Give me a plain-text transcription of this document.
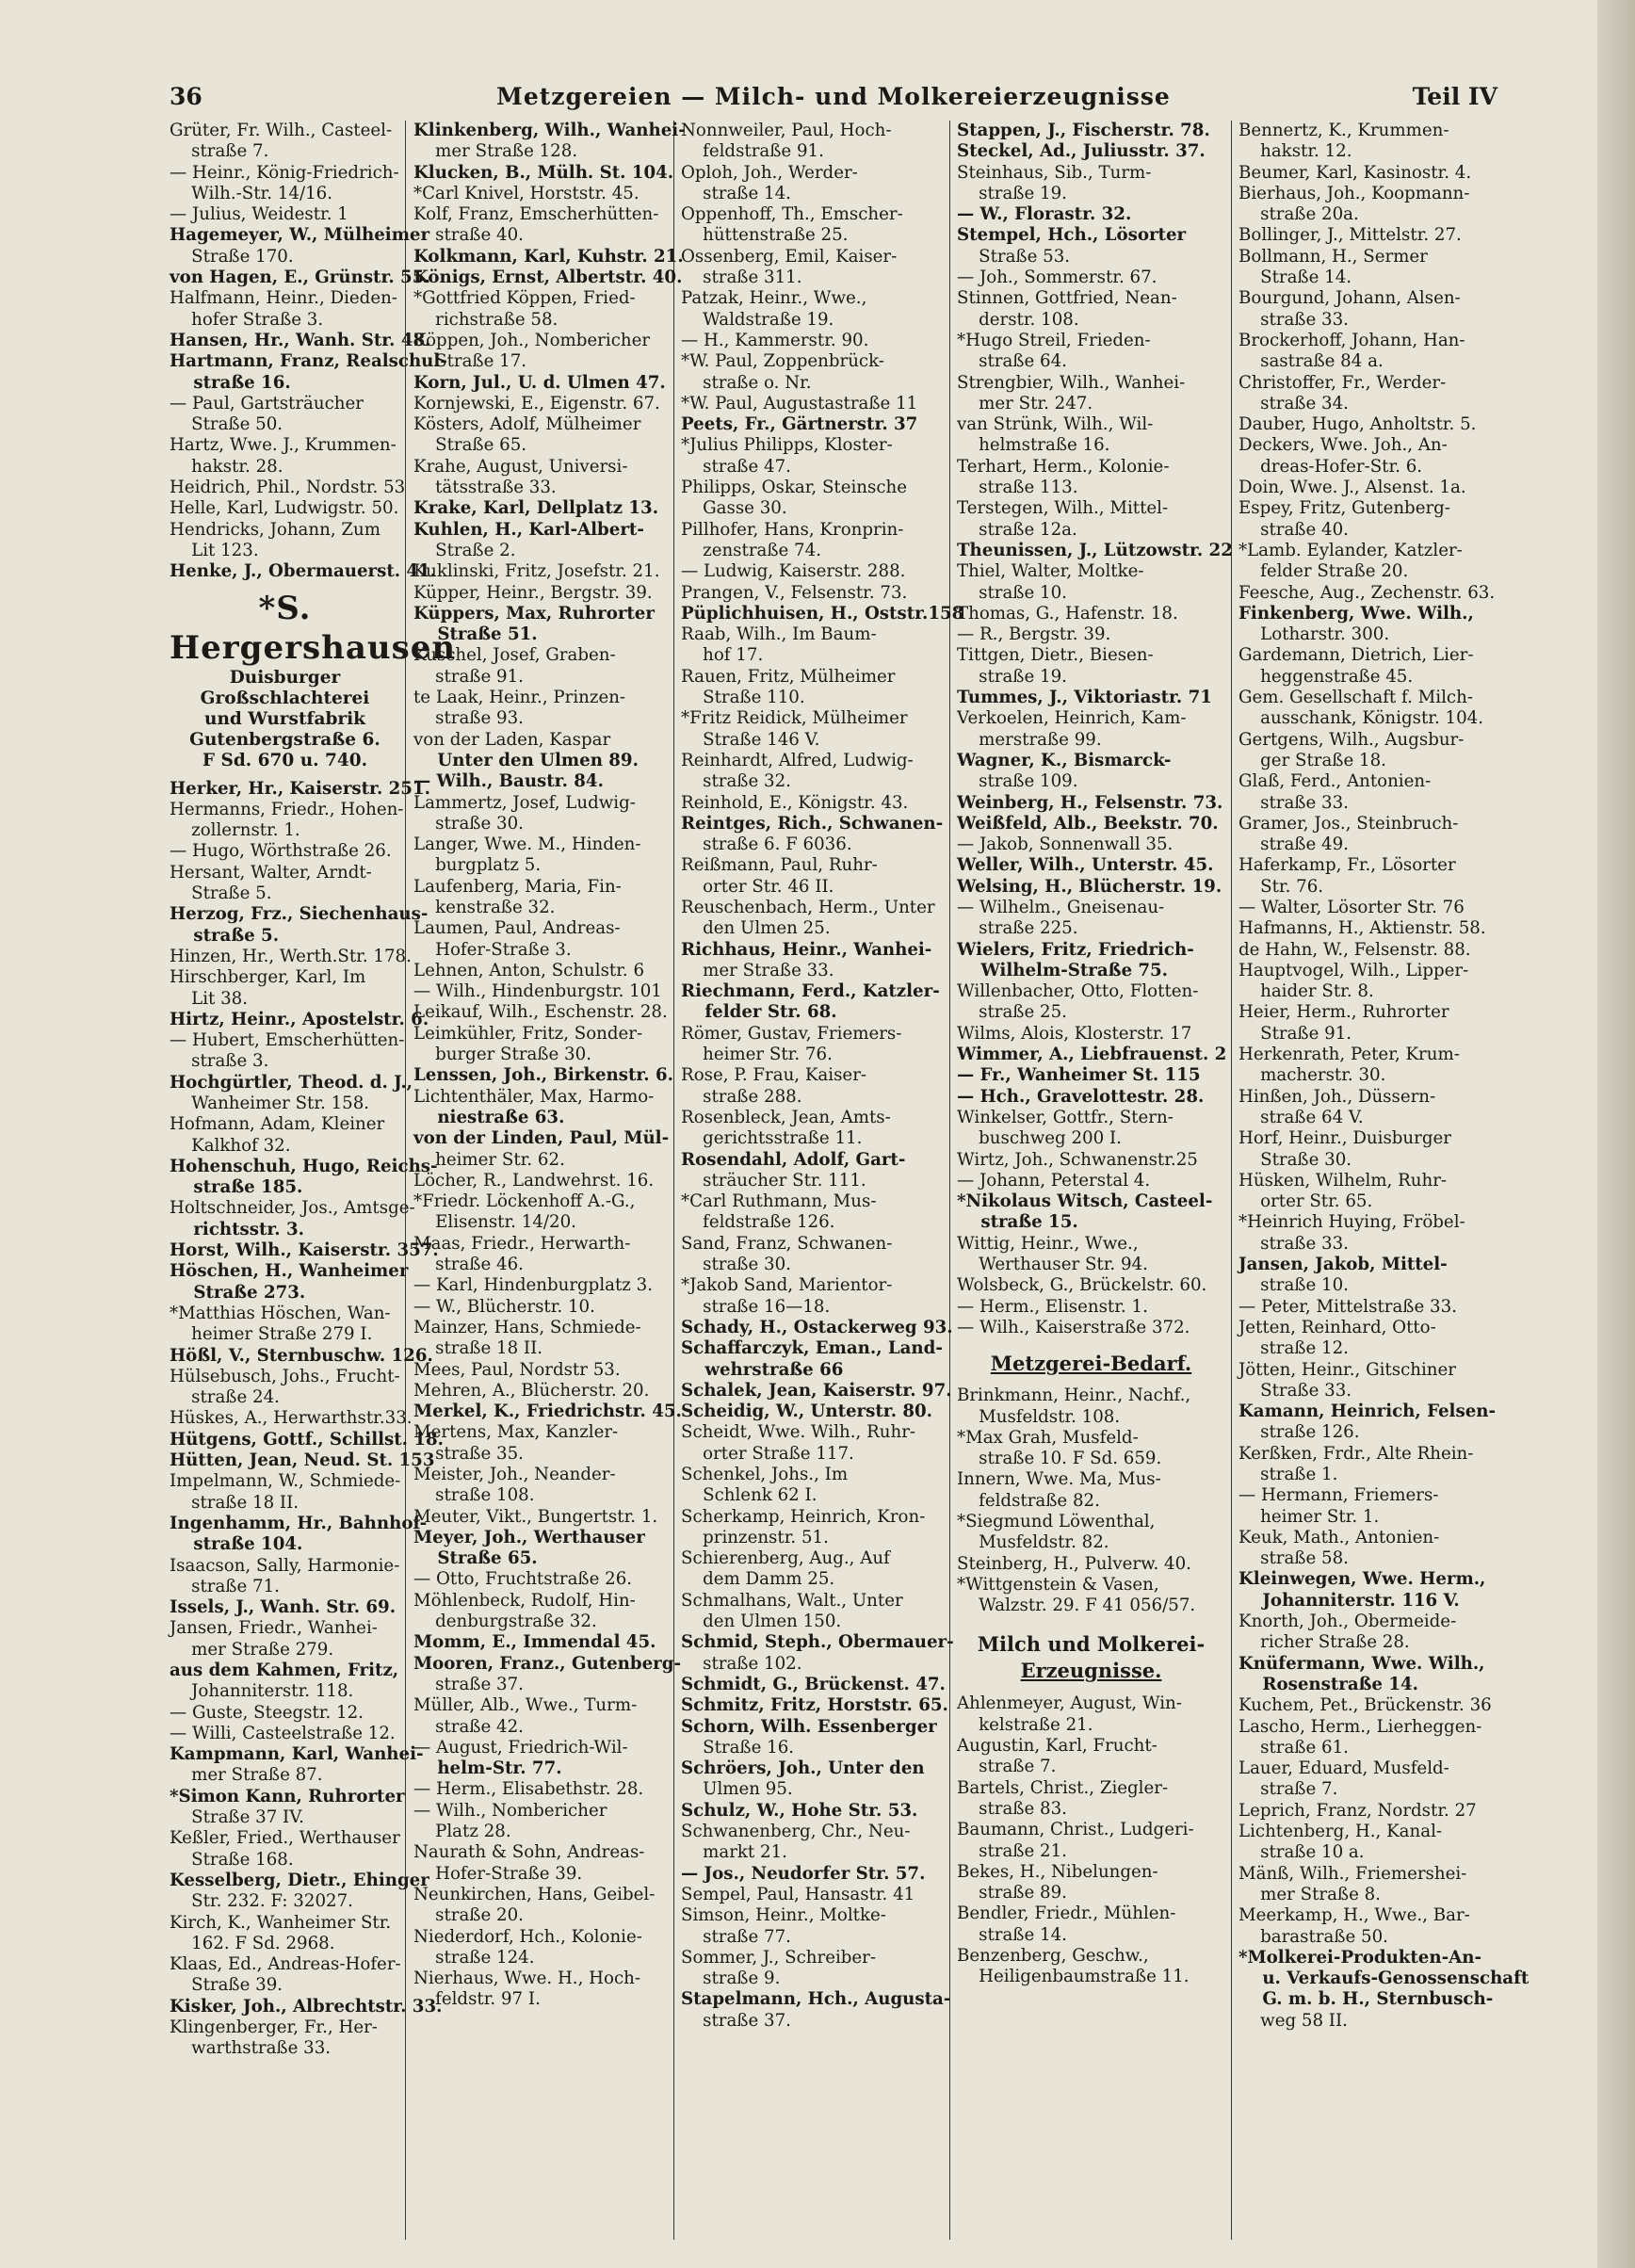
36	Metzgereien — Milch- und Molkereierzeugnisse	Teil IV
Grüter, Fr. Wilh., Casteel-
straße 7.
— Heinr., König-Friedrich-
Wilh.-Str. 14/16.
— Julius, Weidestr. 1
Hagemeyer, W., Mülheimer
Straße 170.
von Hagen, E., Grünstr. 55.
Halfmann, Heinr., Dieden-
hofer Straße 3.
Hansen, Hr., Wanh. Str. 48.
Hartmann, Franz, Realschul-
straße 16.
— Paul, Gartsträucher
Straße 50.
Hartz, Wwe. J., Krummen-
hakstr. 28.
Heidrich, Phil., Nordstr. 53
Helle, Karl, Ludwigstr. 50.
Hendricks, Johann, Zum
Lit 123.
Henke, J., Obermauerst. 41.
*S. Hergershausen
Duisburger Großschlachterei
und Wurstfabrik
Gutenbergstraße 6.
F Sd. 670 u. 740.
Herker, Hr., Kaiserstr. 251.
Hermanns, Friedr., Hohen-
zollernstr. 1.
— Hugo, Wörthstraße 26.
Hersant, Walter, Arndt-
Straße 5.
Herzog, Frz., Siechenhaus-
straße 5.
Hinzen, Hr., Werth.Str. 178.
Hirschberger, Karl, Im
Lit 38.
Hirtz, Heinr., Apostelstr. 6.
— Hubert, Emscherhütten-
straße 3.
Hochgürtler, Theod. d. J.,
Wanheimer Str. 158.
Hofmann, Adam, Kleiner
Kalkhof 32.
Hohenschuh, Hugo, Reichs-
straße 185.
Holtschneider, Jos., Amtsge-
richtsstr. 3.
Horst, Wilh., Kaiserstr. 357.
Höschen, H., Wanheimer
Straße 273.
*Matthias Höschen, Wan-
heimer Straße 279 I.
Hößl, V., Sternbuschw. 126.
Hülsebusch, Johs., Frucht-
straße 24.
Hüskes, A., Herwarthstr.33.
Hütgens, Gottf., Schillst. 18.
Hütten, Jean, Neud. St. 153
Impelmann, W., Schmiede-
straße 18 II.
Ingenhamm, Hr., Bahnhof-
straße 104.
Isaacson, Sally, Harmonie-
straße 71.
Issels, J., Wanh. Str. 69.
Jansen, Friedr., Wanhei-
mer Straße 279.
aus dem Kahmen, Fritz,
Johanniterstr. 118.
— Guste, Steegstr. 12.
— Willi, Casteelstraße 12.
Kampmann, Karl, Wanhei-
mer Straße 87.
*Simon Kann, Ruhrorter
Straße 37 IV.
Keßler, Fried., Werthauser
Straße 168.
Kesselberg, Dietr., Ehinger
Str. 232. F: 32027.
Kirch, K., Wanheimer Str.
162. F Sd. 2968.
Klaas, Ed., Andreas-Hofer-
Straße 39.
Kisker, Joh., Albrechtstr. 33.
Klingenberger, Fr., Her-
warthstraße 33.
Klinkenberg, Wilh., Wanhei-
mer Straße 128.
Klucken, B., Mülh. St. 104.
*Carl Knivel, Horststr. 45.
Kolf, Franz, Emscherhütten-
straße 40.
Kolkmann, Karl, Kuhstr. 21.
Königs, Ernst, Albertstr. 40.
*Gottfried Köppen, Fried-
richstraße 58.
Köppen, Joh., Nombericher
Straße 17.
Korn, Jul., U. d. Ulmen 47.
Kornjewski, E., Eigenstr. 67.
Kösters, Adolf, Mülheimer
Straße 65.
Krahe, August, Universi-
tätsstraße 33.
Krake, Karl, Dellplatz 13.
Kuhlen, H., Karl-Albert-
Straße 2.
Kuklinski, Fritz, Josefstr. 21.
Küpper, Heinr., Bergstr. 39.
Küppers, Max, Ruhrorter
Straße 51.
Kuschel, Josef, Graben-
straße 91.
te Laak, Heinr., Prinzen-
straße 93.
von der Laden, Kaspar
Unter den Ulmen 89.
— Wilh., Baustr. 84.
Lammertz, Josef, Ludwig-
straße 30.
Langer, Wwe. M., Hinden-
burgplatz 5.
Laufenberg, Maria, Fin-
kenstraße 32.
Laumen, Paul, Andreas-
Hofer-Straße 3.
Lehnen, Anton, Schulstr. 6
— Wilh., Hindenburgstr. 101
Leikauf, Wilh., Eschenstr. 28.
Leimkühler, Fritz, Sonder-
burger Straße 30.
Lenssen, Joh., Birkenstr. 6.
Lichtenthäler, Max, Harmo-
niestraße 63.
von der Linden, Paul, Mül-
heimer Str. 62.
Löcher, R., Landwehrst. 16.
*Friedr. Löckenhoff A.-G.,
Elisenstr. 14/20.
Maas, Friedr., Herwarth-
straße 46.
— Karl, Hindenburgplatz 3.
— W., Blücherstr. 10.
Mainzer, Hans, Schmiede-
straße 18 II.
Mees, Paul, Nordstr 53.
Mehren, A., Blücherstr. 20.
Merkel, K., Friedrichstr. 45.
Mertens, Max, Kanzler-
straße 35.
Meister, Joh., Neander-
straße 108.
Meuter, Vikt., Bungertstr. 1.
Meyer, Joh., Werthauser
Straße 65.
— Otto, Fruchtstraße 26.
Möhlenbeck, Rudolf, Hin-
denburgstraße 32.
Momm, E., Immendal 45.
Mooren, Franz., Gutenberg-
straße 37.
Müller, Alb., Wwe., Turm-
straße 42.
— August, Friedrich-Wil-
helm-Str. 77.
— Herm., Elisabethstr. 28.
— Wilh., Nombericher
Platz 28.
Naurath & Sohn, Andreas-
Hofer-Straße 39.
Neunkirchen, Hans, Geibel-
straße 20.
Niederdorf, Hch., Kolonie-
straße 124.
Nierhaus, Wwe. H., Hoch-
feldstr. 97 I.
Nonnweiler, Paul, Hoch-
feldstraße 91.
Oploh, Joh., Werder-
straße 14.
Oppenhoff, Th., Emscher-
hüttenstraße 25.
Ossenberg, Emil, Kaiser-
straße 311.
Patzak, Heinr., Wwe.,
Waldstraße 19.
— H., Kammerstr. 90.
*W. Paul, Zoppenbrück-
straße o. Nr.
*W. Paul, Augustastraße 11
Peets, Fr., Gärtnerstr. 37
*Julius Philipps, Kloster-
straße 47.
Philipps, Oskar, Steinsche
Gasse 30.
Pillhofer, Hans, Kronprin-
zenstraße 74.
— Ludwig, Kaiserstr. 288.
Prangen, V., Felsenstr. 73.
Püplichhuisen, H., Oststr.158
Raab, Wilh., Im Baum-
hof 17.
Rauen, Fritz, Mülheimer
Straße 110.
*Fritz Reidick, Mülheimer
Straße 146 V.
Reinhardt, Alfred, Ludwig-
straße 32.
Reinhold, E., Königstr. 43.
Reintges, Rich., Schwanen-
straße 6. F 6036.
Reißmann, Paul, Ruhr-
orter Str. 46 II.
Reuschenbach, Herm., Unter
den Ulmen 25.
Richhaus, Heinr., Wanhei-
mer Straße 33.
Riechmann, Ferd., Katzler-
felder Str. 68.
Römer, Gustav, Friemers-
heimer Str. 76.
Rose, P. Frau, Kaiser-
straße 288.
Rosenbleck, Jean, Amts-
gerichtsstraße 11.
Rosendahl, Adolf, Gart-
sträucher Str. 111.
*Carl Ruthmann, Mus-
feldstraße 126.
Sand, Franz, Schwanen-
straße 30.
*Jakob Sand, Marientor-
straße 16—18.
Schady, H., Ostackerweg 93.
Schaffarczyk, Eman., Land-
wehrstraße 66
Schalek, Jean, Kaiserstr. 97.
Scheidig, W., Unterstr. 80.
Scheidt, Wwe. Wilh., Ruhr-
orter Straße 117.
Schenkel, Johs., Im
Schlenk 62 I.
Scherkamp, Heinrich, Kron-
prinzenstr. 51.
Schierenberg, Aug., Auf
dem Damm 25.
Schmalhans, Walt., Unter
den Ulmen 150.
Schmid, Steph., Obermauer-
straße 102.
Schmidt, G., Brückenst. 47.
Schmitz, Fritz, Horststr. 65.
Schorn, Wilh. Essenberger
Straße 16.
Schröers, Joh., Unter den
Ulmen 95.
Schulz, W., Hohe Str. 53.
Schwanenberg, Chr., Neu-
markt 21.
— Jos., Neudorfer Str. 57.
Sempel, Paul, Hansastr. 41
Simson, Heinr., Moltke-
straße 77.
Sommer, J., Schreiber-
straße 9.
Stapelmann, Hch., Augusta-
straße 37.
Stappen, J., Fischerstr. 78.
Steckel, Ad., Juliusstr. 37.
Steinhaus, Sib., Turm-
straße 19.
— W., Florastr. 32.
Stempel, Hch., Lösorter
Straße 53.
— Joh., Sommerstr. 67.
Stinnen, Gottfried, Nean-
derstr. 108.
*Hugo Streil, Frieden-
straße 64.
Strengbier, Wilh., Wanhei-
mer Str. 247.
van Strünk, Wilh., Wil-
helmstraße 16.
Terhart, Herm., Kolonie-
straße 113.
Terstegen, Wilh., Mittel-
straße 12a.
Theunissen, J., Lützowstr. 22
Thiel, Walter, Moltke-
straße 10.
Thomas, G., Hafenstr. 18.
— R., Bergstr. 39.
Tittgen, Dietr., Biesen-
straße 19.
Tummes, J., Viktoriastr. 71
Verkoelen, Heinrich, Kam-
merstraße 99.
Wagner, K., Bismarck-
straße 109.
Weinberg, H., Felsenstr. 73.
Weißfeld, Alb., Beekstr. 70.
— Jakob, Sonnenwall 35.
Weller, Wilh., Unterstr. 45.
Welsing, H., Blücherstr. 19.
— Wilhelm., Gneisenau-
straße 225.
Wielers, Fritz, Friedrich-
Wilhelm-Straße 75.
Willenbacher, Otto, Flotten-
straße 25.
Wilms, Alois, Klosterstr. 17
Wimmer, A., Liebfrauenst. 2
— Fr., Wanheimer St. 115
— Hch., Gravelottestr. 28.
Winkelser, Gottfr., Stern-
buschweg 200 I.
Wirtz, Joh., Schwanenstr.25
— Johann, Peterstal 4.
*Nikolaus Witsch, Casteel-
straße 15.
Wittig, Heinr., Wwe.,
Werthauser Str. 94.
Wolsbeck, G., Brückelstr. 60.
— Herm., Elisenstr. 1.
— Wilh., Kaiserstraße 372.
Metzgerei-Bedarf.
Brinkmann, Heinr., Nachf.,
Musfeldstr. 108.
*Max Grah, Musfeld-
straße 10. F Sd. 659.
Innern, Wwe. Ma, Mus-
feldstraße 82.
*Siegmund Löwenthal,
Musfeldstr. 82.
Steinberg, H., Pulverw. 40.
*Wittgenstein & Vasen,
Walzstr. 29. F 41 056/57.
Milch und Molkerei-
Erzeugnisse.
Ahlenmeyer, August, Win-
kelstraße 21.
Augustin, Karl, Frucht-
straße 7.
Bartels, Christ., Ziegler-
straße 83.
Baumann, Christ., Ludgeri-
straße 21.
Bekes, H., Nibelungen-
straße 89.
Bendler, Friedr., Mühlen-
straße 14.
Benzenberg, Geschw.,
Heiligenbaumstraße 11.
Bennertz, K., Krummen-
hakstr. 12.
Beumer, Karl, Kasinostr. 4.
Bierhaus, Joh., Koopmann-
straße 20a.
Bollinger, J., Mittelstr. 27.
Bollmann, H., Sermer
Straße 14.
Bourgund, Johann, Alsen-
straße 33.
Brockerhoff, Johann, Han-
sastraße 84 a.
Christoffer, Fr., Werder-
straße 34.
Dauber, Hugo, Anholtstr. 5.
Deckers, Wwe. Joh., An-
dreas-Hofer-Str. 6.
Doin, Wwe. J., Alsenst. 1a.
Espey, Fritz, Gutenberg-
straße 40.
*Lamb. Eylander, Katzler-
felder Straße 20.
Feesche, Aug., Zechenstr. 63.
Finkenberg, Wwe. Wilh.,
Lotharstr. 300.
Gardemann, Dietrich, Lier-
heggenstraße 45.
Gem. Gesellschaft f. Milch-
ausschank, Königstr. 104.
Gertgens, Wilh., Augsbur-
ger Straße 18.
Glaß, Ferd., Antonien-
straße 33.
Gramer, Jos., Steinbruch-
straße 49.
Haferkamp, Fr., Lösorter
Str. 76.
— Walter, Lösorter Str. 76
Hafmanns, H., Aktienstr. 58.
de Hahn, W., Felsenstr. 88.
Hauptvogel, Wilh., Lipper-
haider Str. 8.
Heier, Herm., Ruhrorter
Straße 91.
Herkenrath, Peter, Krum-
macherstr. 30.
Hinßen, Joh., Düssern-
straße 64 V.
Horf, Heinr., Duisburger
Straße 30.
Hüsken, Wilhelm, Ruhr-
orter Str. 65.
*Heinrich Huying, Fröbel-
straße 33.
Jansen, Jakob, Mittel-
straße 10.
— Peter, Mittelstraße 33.
Jetten, Reinhard, Otto-
straße 12.
Jötten, Heinr., Gitschiner
Straße 33.
Kamann, Heinrich, Felsen-
straße 126.
Kerßken, Frdr., Alte Rhein-
straße 1.
— Hermann, Friemers-
heimer Str. 1.
Keuk, Math., Antonien-
straße 58.
Kleinwegen, Wwe. Herm.,
Johanniterstr. 116 V.
Knorth, Joh., Obermeide-
richer Straße 28.
Knüfermann, Wwe. Wilh.,
Rosenstraße 14.
Kuchem, Pet., Brückenstr. 36
Lascho, Herm., Lierheggen-
straße 61.
Lauer, Eduard, Musfeld-
straße 7.
Leprich, Franz, Nordstr. 27
Lichtenberg, H., Kanal-
straße 10 a.
Mänß, Wilh., Friemershei-
mer Straße 8.
Meerkamp, H., Wwe., Bar-
barastraße 50.
*Molkerei-Produkten-An-
u. Verkaufs-Genossenschaft
G. m. b. H., Sternbusch-
weg 58 II.
